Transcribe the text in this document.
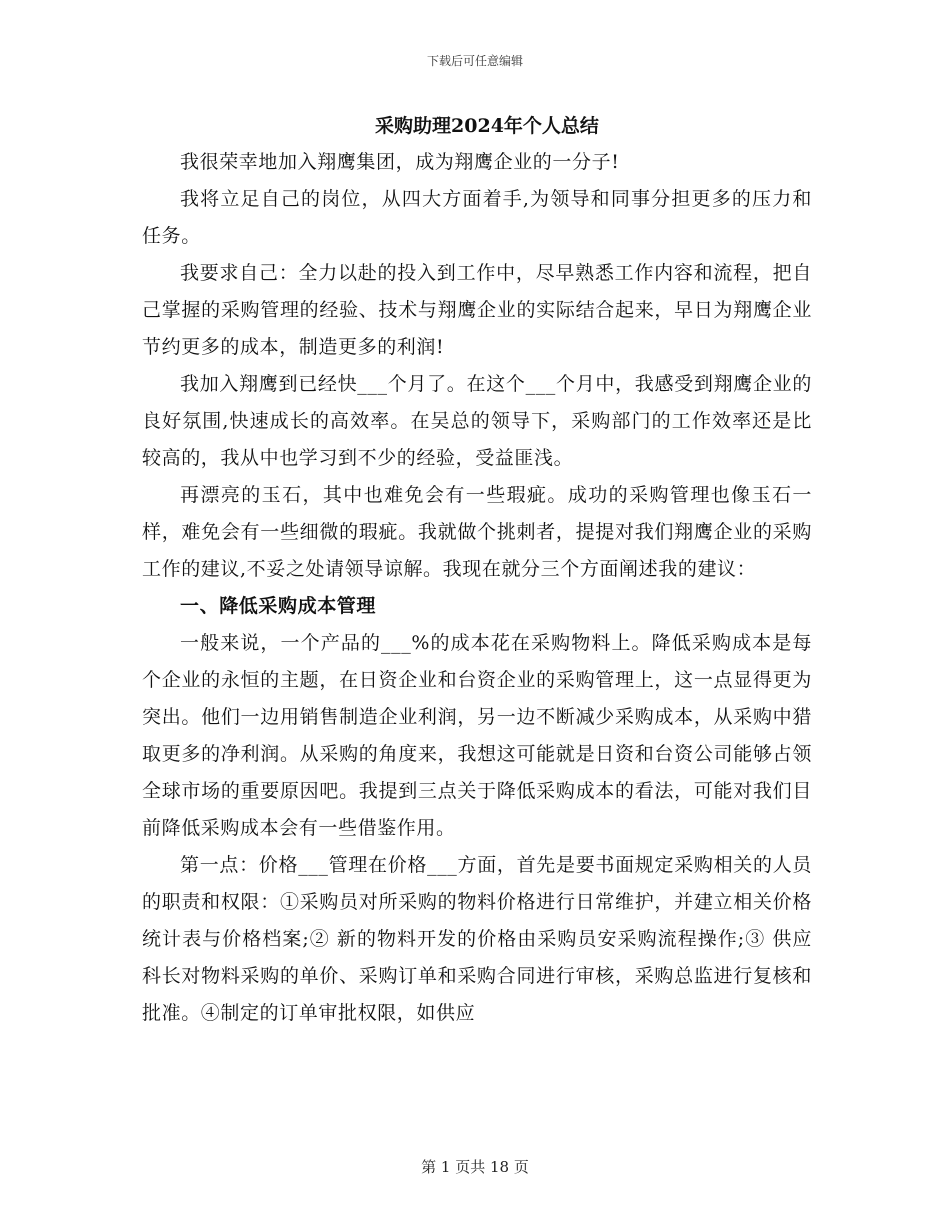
下载后可任意编辑
采购助理2024年个人总结

我很荣幸地加入翔鹰集团，成为翔鹰企业的一分子!

我将立足自己的岗位，从四大方面着手,为领导和同事分担更多的压力和任务。

我要求自己：全力以赴的投入到工作中，尽早熟悉工作内容和流程，把自己掌握的采购管理的经验、技术与翔鹰企业的实际结合起来，早日为翔鹰企业节约更多的成本，制造更多的利润!

我加入翔鹰到已经快___个月了。在这个___个月中，我感受到翔鹰企业的良好氛围,快速成长的高效率。在吴总的领导下，采购部门的工作效率还是比较高的，我从中也学习到不少的经验，受益匪浅。

再漂亮的玉石，其中也难免会有一些瑕疵。成功的采购管理也像玉石一样，难免会有一些细微的瑕疵。我就做个挑刺者，提提对我们翔鹰企业的采购工作的建议,不妥之处请领导谅解。我现在就分三个方面阐述我的建议：

一、降低采购成本管理

一般来说，一个产品的___%的成本花在采购物料上。降低采购成本是每个企业的永恒的主题，在日资企业和台资企业的采购管理上，这一点显得更为突出。他们一边用销售制造企业利润，另一边不断减少采购成本，从采购中猎取更多的净利润。从采购的角度来，我想这可能就是日资和台资公司能够占领全球市场的重要原因吧。我提到三点关于降低采购成本的看法，可能对我们目前降低采购成本会有一些借鉴作用。

第一点：价格___管理在价格___方面，首先是要书面规定采购相关的人员的职责和权限：①采购员对所采购的物料价格进行日常维护，并建立相关价格统计表与价格档案;② 新的物料开发的价格由采购员安采购流程操作;③ 供应科长对物料采购的单价、采购订单和采购合同进行审核，采购总监进行复核和批准。④制定的订单审批权限，如供应

第 1 页共 18 页
